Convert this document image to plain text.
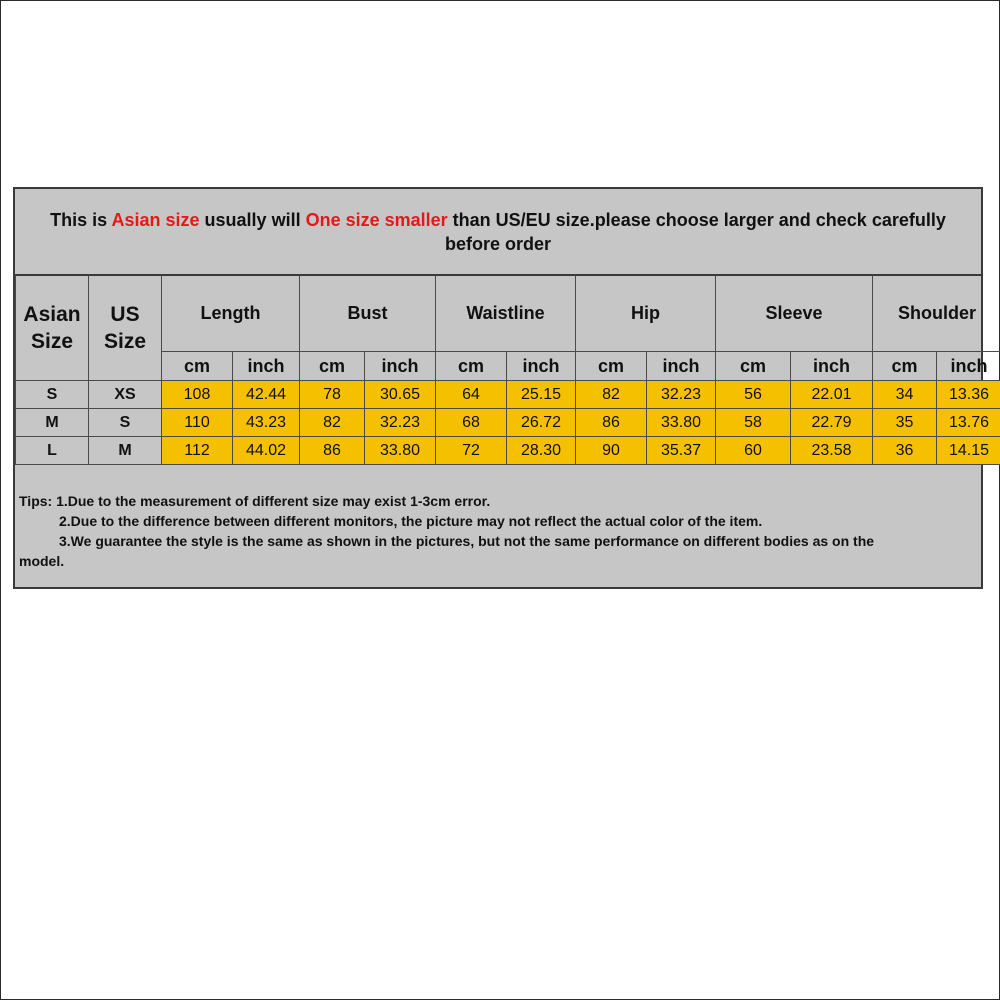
This is Asian size usually will One size smaller than US/EU size.please choose larger and check carefully before order
Asian Size	US Size	Length		Bust		Waistline		Hip		Sleeve		Shoulder	
		cm	inch	cm	inch	cm	inch	cm	inch	cm	inch	cm	inch
S	XS	108	42.44	78	30.65	64	25.15	82	32.23	56	22.01	34	13.36
M	S	110	43.23	82	32.23	68	26.72	86	33.80	58	22.79	35	13.76
L	M	112	44.02	86	33.80	72	28.30	90	35.37	60	23.58	36	14.15
Tips: 1.Due to the measurement of different size may exist 1-3cm error.
2.Due to the difference between different monitors, the picture may not reflect the actual color of the item.
3.We guarantee the style is the same as shown in the pictures, but not the same performance on different bodies as on the
model.
